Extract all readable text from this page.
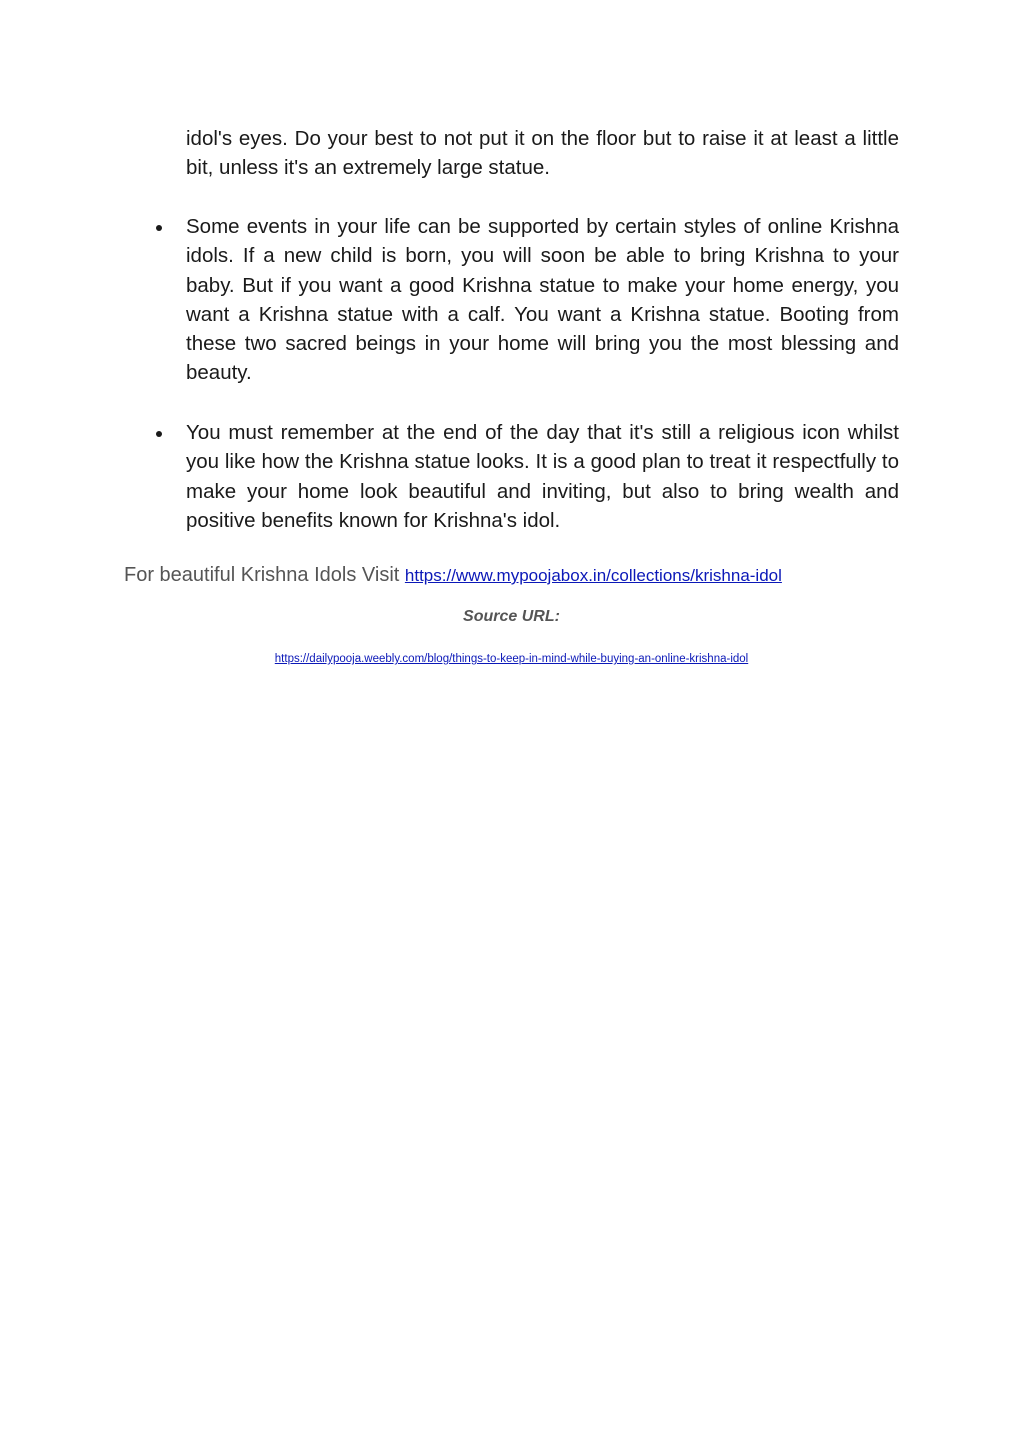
idol's eyes. Do your best to not put it on the floor but to raise it at least a little bit, unless it's an extremely large statue.

Some events in your life can be supported by certain styles of online Krishna idols. If a new child is born, you will soon be able to bring Krishna to your baby. But if you want a good Krishna statue to make your home energy, you want a Krishna statue with a calf. You want a Krishna statue. Booting from these two sacred beings in your home will bring you the most blessing and beauty.

You must remember at the end of the day that it's still a religious icon whilst you like how the Krishna statue looks. It is a good plan to treat it respectfully to make your home look beautiful and inviting, but also to bring wealth and positive benefits known for Krishna's idol.

For beautiful Krishna Idols Visit https://www.mypoojabox.in/collections/krishna-idol
Source URL:
https://dailypooja.weebly.com/blog/things-to-keep-in-mind-while-buying-an-online-krishna-idol
